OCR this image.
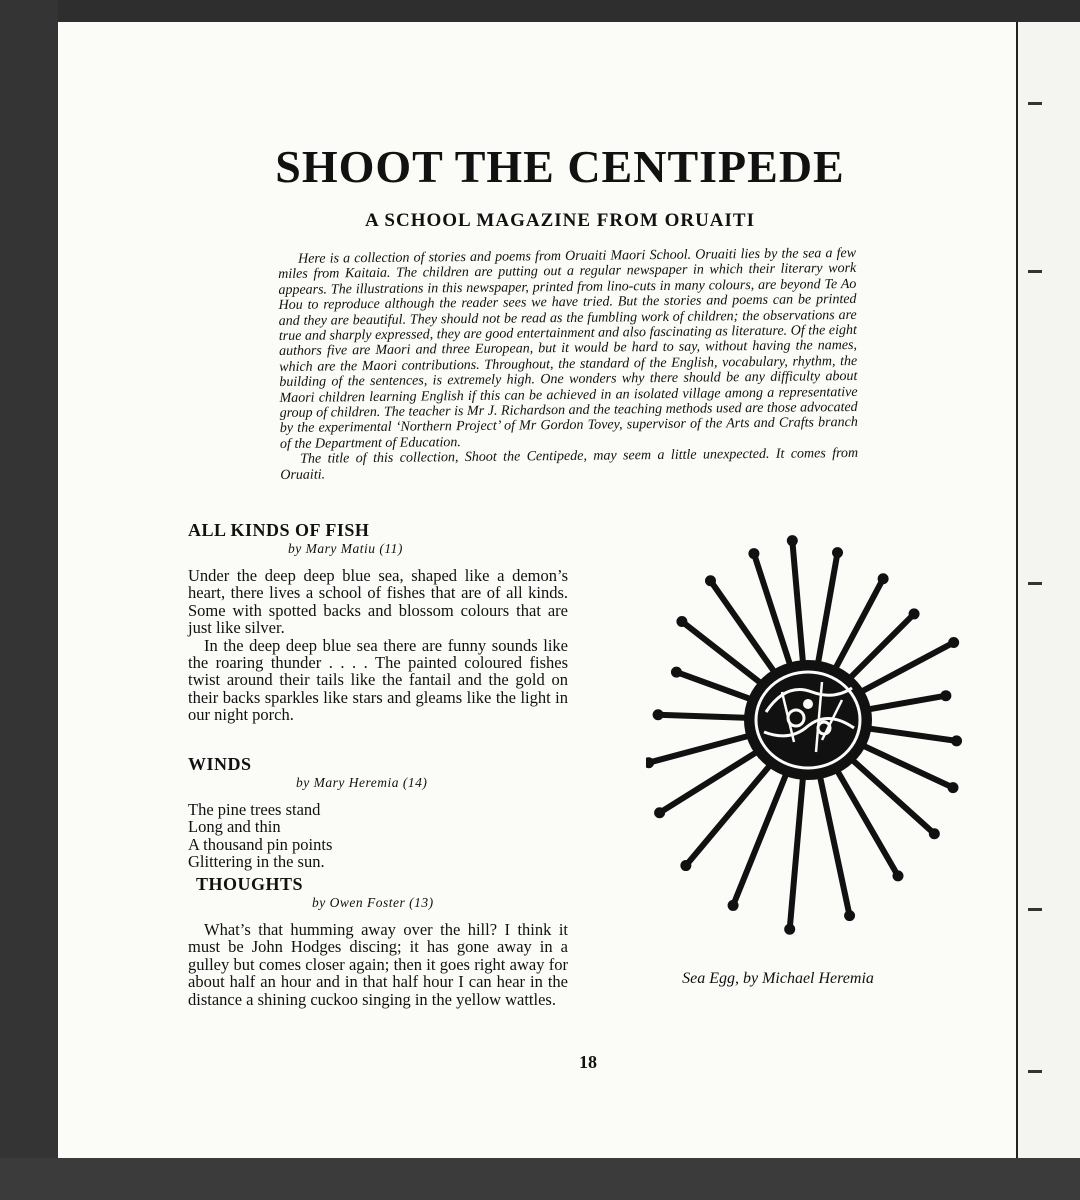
SHOOT THE CENTIPEDE
A SCHOOL MAGAZINE FROM ORUAITI

Here is a collection of stories and poems from Oruaiti Maori School. Oruaiti lies by the sea a few miles from Kaitaia. The children are putting out a regular newspaper in which their literary work appears. The illustrations in this newspaper, printed from lino-cuts in many colours, are beyond Te Ao Hou to reproduce although the reader sees we have tried. But the stories and poems can be printed and they are beautiful. They should not be read as the fumbling work of children; the observations are true and sharply expressed, they are good entertainment and also fascinating as literature. Of the eight authors five are Maori and three European, but it would be hard to say, without having the names, which are the Maori contributions. Throughout, the standard of the English, vocabulary, rhythm, the building of the sentences, is extremely high. One wonders why there should be any difficulty about Maori children learning English if this can be achieved in an isolated village among a representative group of children. The teacher is Mr J. Richardson and the teaching methods used are those advocated by the experimental ‘Northern Project’ of Mr Gordon Tovey, supervisor of the Arts and Crafts branch of the Department of Education.

The title of this collection, Shoot the Centipede, may seem a little unexpected. It comes from Oruaiti.

ALL KINDS OF FISH
by Mary Matiu (11)

Under the deep deep blue sea, shaped like a demon’s heart, there lives a school of fishes that are of all kinds. Some with spotted backs and blossom colours that are just like silver.

In the deep deep blue sea there are funny sounds like the roaring thunder . . . . The painted coloured fishes twist around their tails like the fantail and the gold on their backs sparkles like stars and gleams like the light in our night porch.

WINDS
by Mary Heremia (14)
The pine trees stand
Long and thin
A thousand pin points
Glittering in the sun.
THOUGHTS
by Owen Foster (13)

What’s that humming away over the hill? I think it must be John Hodges discing; it has gone away in a gulley but comes closer again; then it goes right away for about half an hour and in that half hour I can hear in the distance a shining cuckoo singing in the yellow wattles.

Sea Egg, by Michael Heremia
18
